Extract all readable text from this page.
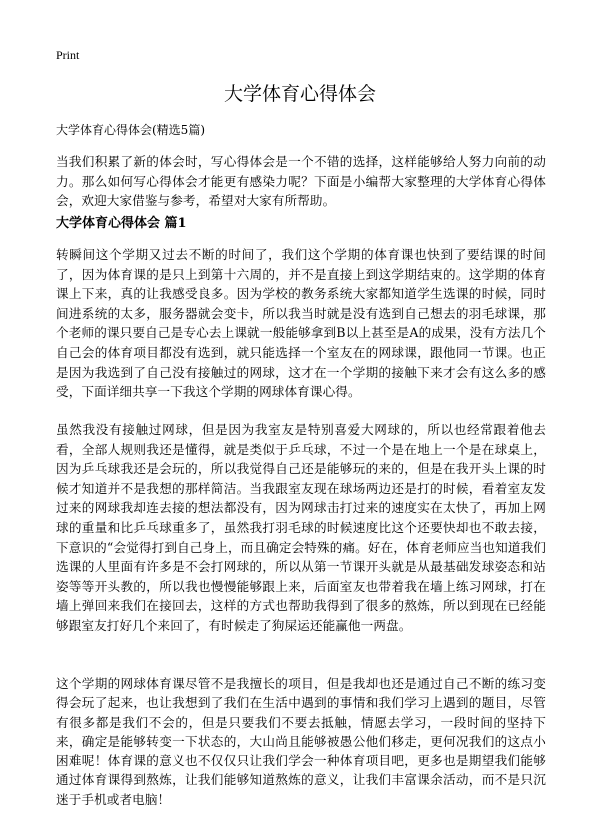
Print
大学体育心得体会
大学体育心得体会(精选5篇)

当我们积累了新的体会时，写心得体会是一个不错的选择，这样能够给人努力向前的动力。那么如何写心得体会才能更有感染力呢？下面是小编帮大家整理的大学体育心得体会，欢迎大家借鉴与参考，希望对大家有所帮助。

大学体育心得体会 篇1

转瞬间这个学期又过去不断的时间了，我们这个学期的体育课也快到了要结课的时间了，因为体育课的是只上到第十六周的，并不是直接上到这学期结束的。这学期的体育课上下来，真的让我感受良多。因为学校的教务系统大家都知道学生选课的时候，同时间进系统的太多，服务器就会变卡，所以我当时就是没有选到自己想去的羽毛球课，那个老师的课只要自己是专心去上课就一般能够拿到B以上甚至是A的成果，没有方法几个自己会的体育项目都没有选到，就只能选择一个室友在的网球课，跟他同一节课。也正是因为我选到了自己没有接触过的网球，这才在一个学期的接触下来才会有这么多的感受，下面详细共享一下我这个学期的网球体育课心得。

虽然我没有接触过网球，但是因为我室友是特别喜爱大网球的，所以也经常跟着他去看，全部人规则我还是懂得，就是类似于乒乓球，不过一个是在地上一个是在球桌上，因为乒乓球我还是会玩的，所以我觉得自己还是能够玩的来的，但是在我开头上课的时候才知道并不是我想的那样简洁。当我跟室友现在球场两边还是打的时候，看着室友发过来的网球我却连去接的想法都没有，因为网球击打过来的速度实在太快了，再加上网球的重量和比乒乓球重多了，虽然我打羽毛球的时候速度比这个还要快却也不敢去接，下意识的“会觉得打到自己身上，而且确定会特殊的痛。好在，体育老师应当也知道我们选课的人里面有许多是不会打网球的，所以从第一节课开头就是从最基础发球姿态和站姿等等开头教的，所以我也慢慢能够跟上来，后面室友也带着我在墙上练习网球，打在墙上弹回来我们在接回去，这样的方式也帮助我得到了很多的熬炼，所以到现在已经能够跟室友打好几个来回了，有时候走了狗屎运还能赢他一两盘。

这个学期的网球体育课尽管不是我擅长的项目，但是我却也还是通过自己不断的练习变得会玩了起来，也让我想到了我们在生活中遇到的事情和我们学习上遇到的题目，尽管有很多都是我们不会的，但是只要我们不要去抵触，情愿去学习，一段时间的坚持下来，确定是能够转变一下状态的，大山尚且能够被愚公他们移走，更何况我们的这点小困难呢！体育课的意义也不仅仅只让我们学会一种体育项目吧，更多也是期望我们能够通过体育课得到熬炼，让我们能够知道熬炼的意义，让我们丰富课余活动，而不是只沉迷于手机或者电脑！
